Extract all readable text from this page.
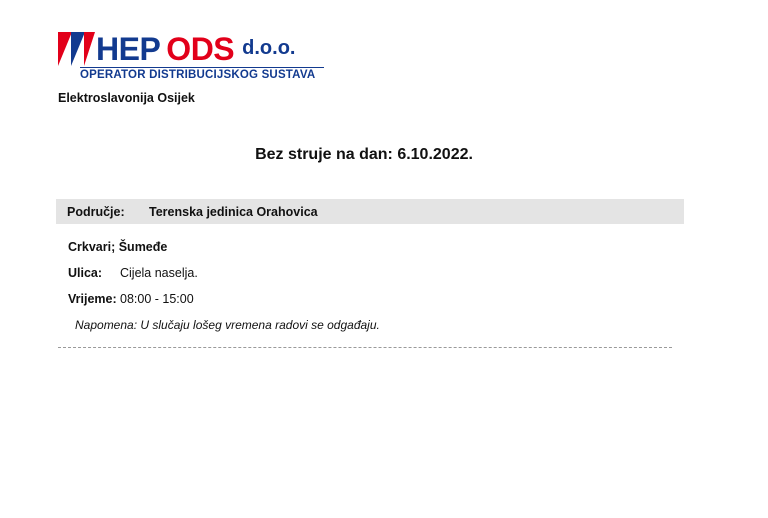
HEP ODS d.o.o.
OPERATOR DISTRIBUCIJSKOG SUSTAVA
Elektroslavonija Osijek
Bez struje na dan: 6.10.2022.
Područje:	Terenska jedinica Orahovica
Crkvari; Šumeđe
Ulica:	Cijela naselja.
Vrijeme: 08:00 - 15:00
Napomena: U slučaju lošeg vremena radovi se odgađaju.
